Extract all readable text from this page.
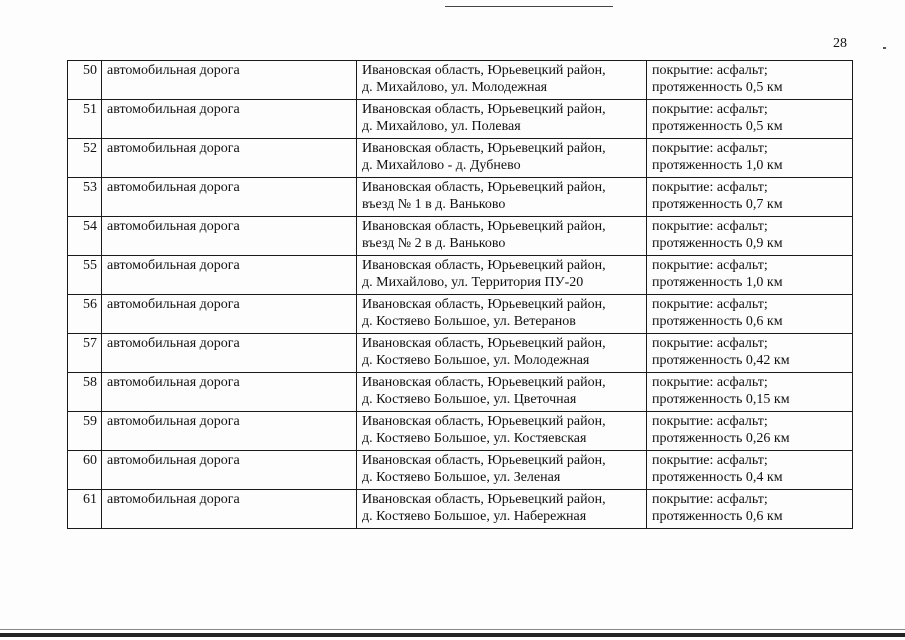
28
50	автомобильная дорога	Ивановская область, Юрьевецкий район,
д. Михайлово, ул. Молодежная	покрытие: асфальт;
протяженность 0,5 км

51	автомобильная дорога	Ивановская область, Юрьевецкий район,
д. Михайлово, ул. Полевая	покрытие: асфальт;
протяженность 0,5 км

52	автомобильная дорога	Ивановская область, Юрьевецкий район,
д. Михайлово - д. Дубнево	покрытие: асфальт;
протяженность 1,0 км

53	автомобильная дорога	Ивановская область, Юрьевецкий район,
въезд № 1 в д. Ваньково	покрытие: асфальт;
протяженность 0,7 км

54	автомобильная дорога	Ивановская область, Юрьевецкий район,
въезд № 2 в д. Ваньково	покрытие: асфальт;
протяженность 0,9 км

55	автомобильная дорога	Ивановская область, Юрьевецкий район,
д. Михайлово, ул. Территория ПУ-20	покрытие: асфальт;
протяженность 1,0 км

56	автомобильная дорога	Ивановская область, Юрьевецкий район,
д. Костяево Большое, ул. Ветеранов	покрытие: асфальт;
протяженность 0,6 км

57	автомобильная дорога	Ивановская область, Юрьевецкий район,
д. Костяево Большое, ул. Молодежная	покрытие: асфальт;
протяженность 0,42 км

58	автомобильная дорога	Ивановская область, Юрьевецкий район,
д. Костяево Большое, ул. Цветочная	покрытие: асфальт;
протяженность 0,15 км

59	автомобильная дорога	Ивановская область, Юрьевецкий район,
д. Костяево Большое, ул. Костяевская	покрытие: асфальт;
протяженность 0,26 км

60	автомобильная дорога	Ивановская область, Юрьевецкий район,
д. Костяево Большое, ул. Зеленая	покрытие: асфальт;
протяженность 0,4 км

61	автомобильная дорога	Ивановская область, Юрьевецкий район,
д. Костяево Большое, ул. Набережная	покрытие: асфальт;
протяженность 0,6 км
